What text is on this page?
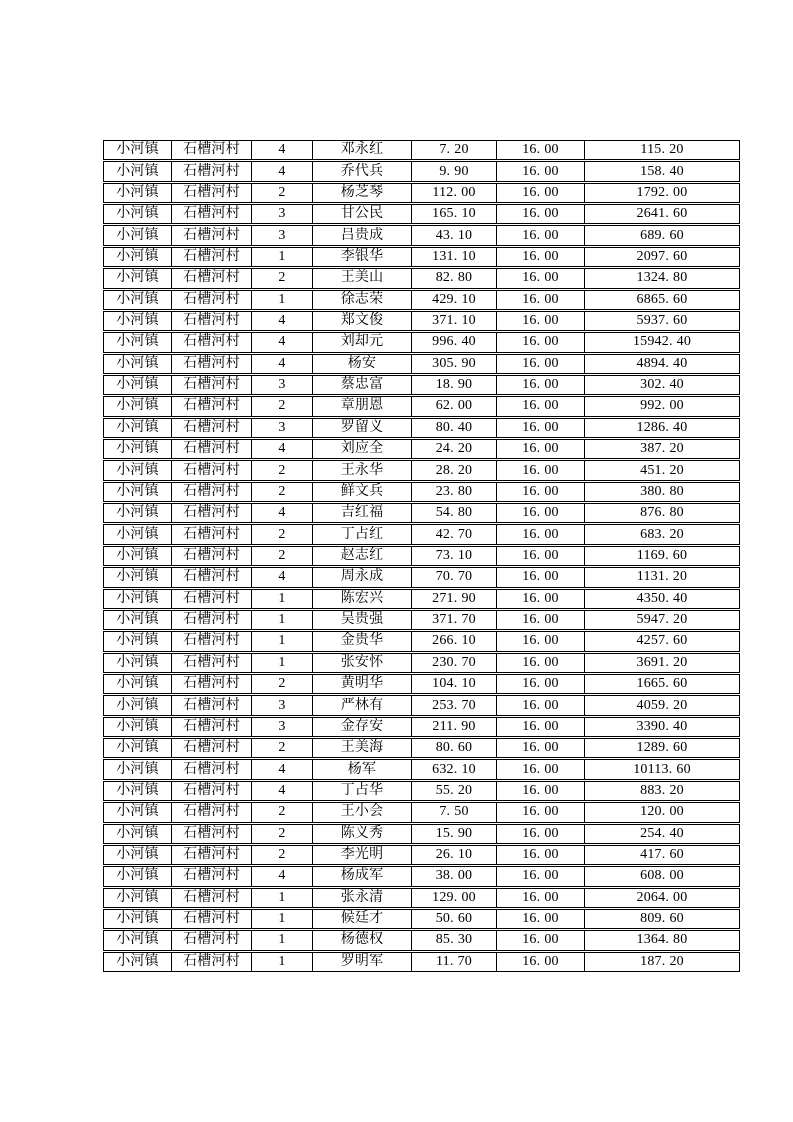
小河镇	石槽河村	4	邓永红	7 . 20	16 . 00	115 . 20
小河镇	石槽河村	4	乔代兵	9 . 90	16 . 00	158 . 40
小河镇	石槽河村	2	杨芝琴	112 . 00	16 . 00	1792 . 00
小河镇	石槽河村	3	甘公民	165 . 10	16 . 00	2641 . 60
小河镇	石槽河村	3	吕贵成	43 . 10	16 . 00	689 . 60
小河镇	石槽河村	1	李银华	131 . 10	16 . 00	2097 . 60
小河镇	石槽河村	2	王美山	82 . 80	16 . 00	1324 . 80
小河镇	石槽河村	1	徐志荣	429 . 10	16 . 00	6865 . 60
小河镇	石槽河村	4	郑文俊	371 . 10	16 . 00	5937 . 60
小河镇	石槽河村	4	刘却元	996 . 40	16 . 00	15942 . 40
小河镇	石槽河村	4	杨安	305 . 90	16 . 00	4894 . 40
小河镇	石槽河村	3	蔡忠富	18 . 90	16 . 00	302 . 40
小河镇	石槽河村	2	章朋恩	62 . 00	16 . 00	992 . 00
小河镇	石槽河村	3	罗留义	80 . 40	16 . 00	1286 . 40
小河镇	石槽河村	4	刘应全	24 . 20	16 . 00	387 . 20
小河镇	石槽河村	2	王永华	28 . 20	16 . 00	451 . 20
小河镇	石槽河村	2	鲜文兵	23 . 80	16 . 00	380 . 80
小河镇	石槽河村	4	吉红福	54 . 80	16 . 00	876 . 80
小河镇	石槽河村	2	丁占红	42 . 70	16 . 00	683 . 20
小河镇	石槽河村	2	赵志红	73 . 10	16 . 00	1169 . 60
小河镇	石槽河村	4	周永成	70 . 70	16 . 00	1131 . 20
小河镇	石槽河村	1	陈宏兴	271 . 90	16 . 00	4350 . 40
小河镇	石槽河村	1	吴贵强	371 . 70	16 . 00	5947 . 20
小河镇	石槽河村	1	金贵华	266 . 10	16 . 00	4257 . 60
小河镇	石槽河村	1	张安怀	230 . 70	16 . 00	3691 . 20
小河镇	石槽河村	2	黄明华	104 . 10	16 . 00	1665 . 60
小河镇	石槽河村	3	严林有	253 . 70	16 . 00	4059 . 20
小河镇	石槽河村	3	金存安	211 . 90	16 . 00	3390 . 40
小河镇	石槽河村	2	王美海	80 . 60	16 . 00	1289 . 60
小河镇	石槽河村	4	杨军	632 . 10	16 . 00	10113 . 60
小河镇	石槽河村	4	丁占华	55 . 20	16 . 00	883 . 20
小河镇	石槽河村	2	王小会	7 . 50	16 . 00	120 . 00
小河镇	石槽河村	2	陈义秀	15 . 90	16 . 00	254 . 40
小河镇	石槽河村	2	李光明	26 . 10	16 . 00	417 . 60
小河镇	石槽河村	4	杨成军	38 . 00	16 . 00	608 . 00
小河镇	石槽河村	1	张永清	129 . 00	16 . 00	2064 . 00
小河镇	石槽河村	1	候廷才	50 . 60	16 . 00	809 . 60
小河镇	石槽河村	1	杨德权	85 . 30	16 . 00	1364 . 80
小河镇	石槽河村	1	罗明军	11 . 70	16 . 00	187 . 20
